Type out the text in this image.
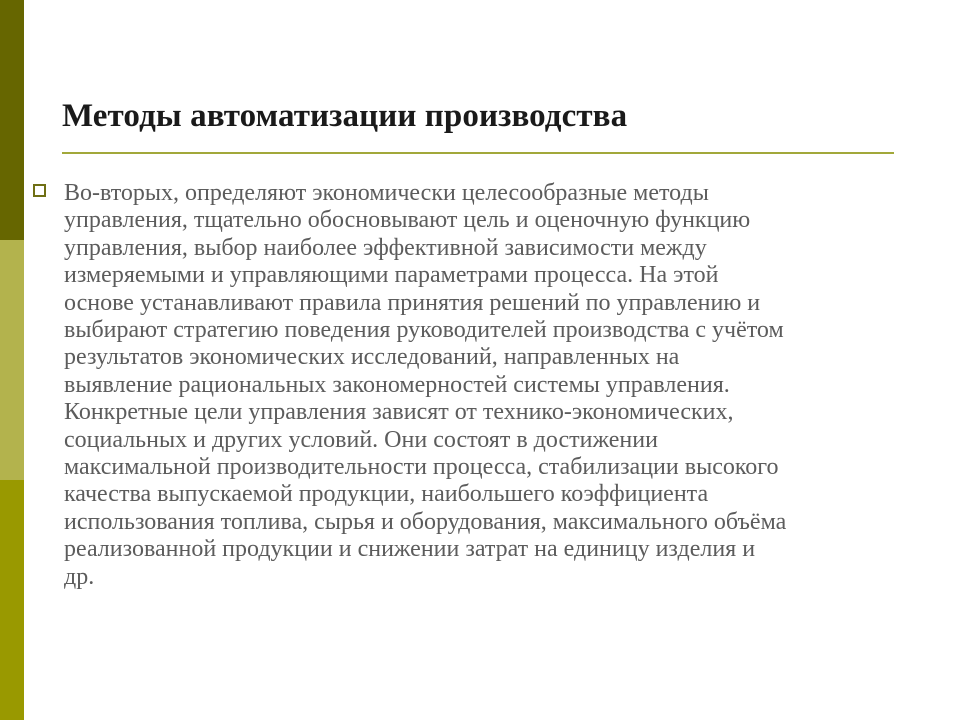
Методы автоматизации производства

Во-вторых, определяют экономически целесообразные методы
управления, тщательно обосновывают цель и оценочную функцию
управления, выбор наиболее эффективной зависимости между
измеряемыми и управляющими параметрами процесса. На этой
основе устанавливают правила принятия решений по управлению и
выбирают стратегию поведения руководителей производства с учётом
результатов экономических исследований, направленных на
выявление рациональных закономерностей системы управления.
Конкретные цели управления зависят от технико-экономических,
социальных и других условий. Они состоят в достижении
максимальной производительности процесса, стабилизации высокого
качества выпускаемой продукции, наибольшего коэффициента
использования топлива, сырья и оборудования, максимального объёма
реализованной продукции и снижении затрат на единицу изделия и
др.
